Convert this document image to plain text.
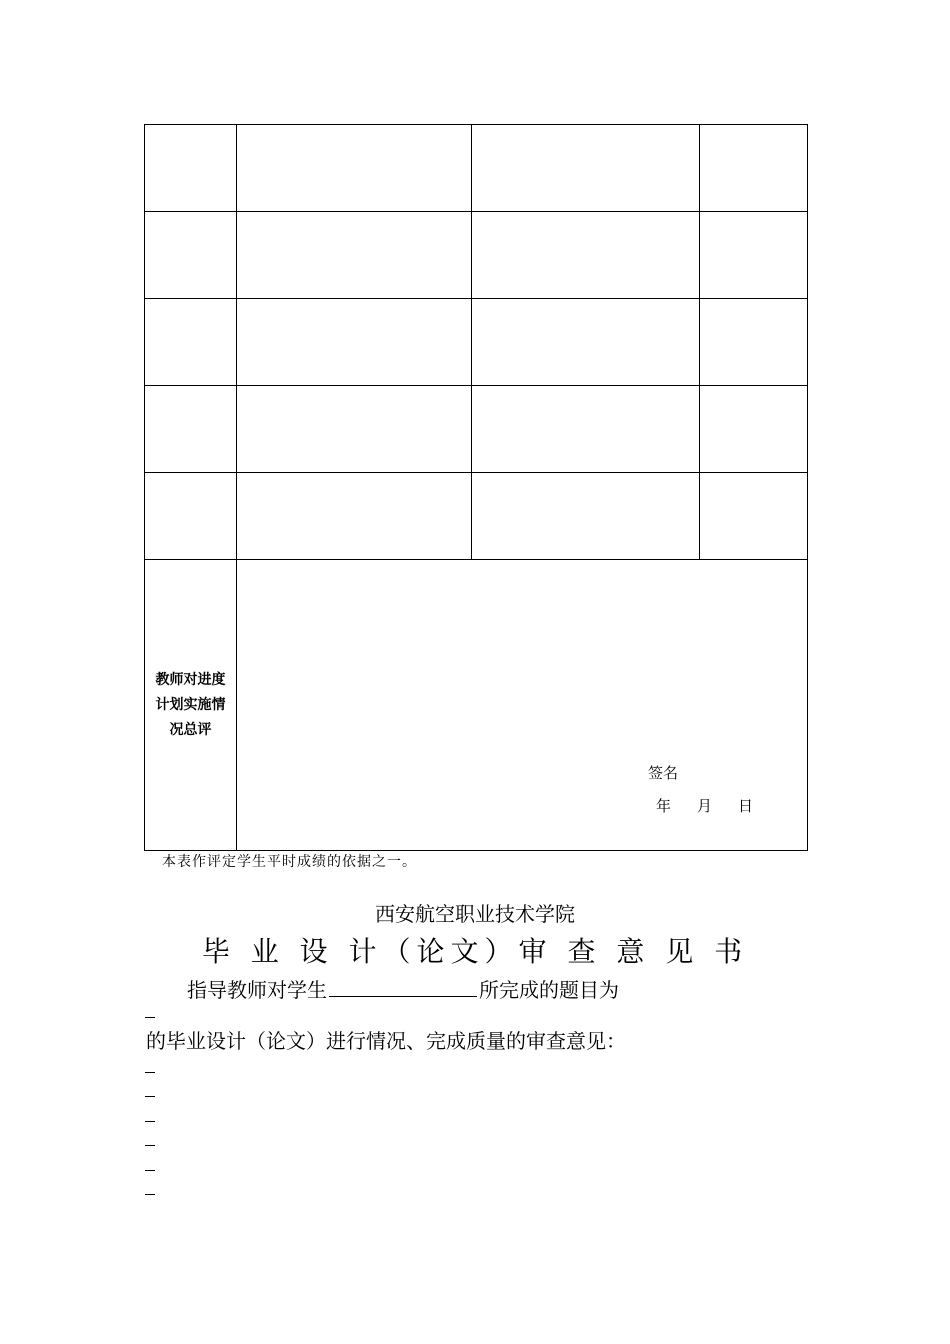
教师对进度计划实施情况总评	签名
年 月 日		
本表作评定学生平时成绩的依据之一。
西安航空职业技术学院
毕 业 设 计（论文）审 查 意 见 书
指导教师对学生	所完成的题目为
的毕业设计（论文）进行情况、完成质量的审查意见：
